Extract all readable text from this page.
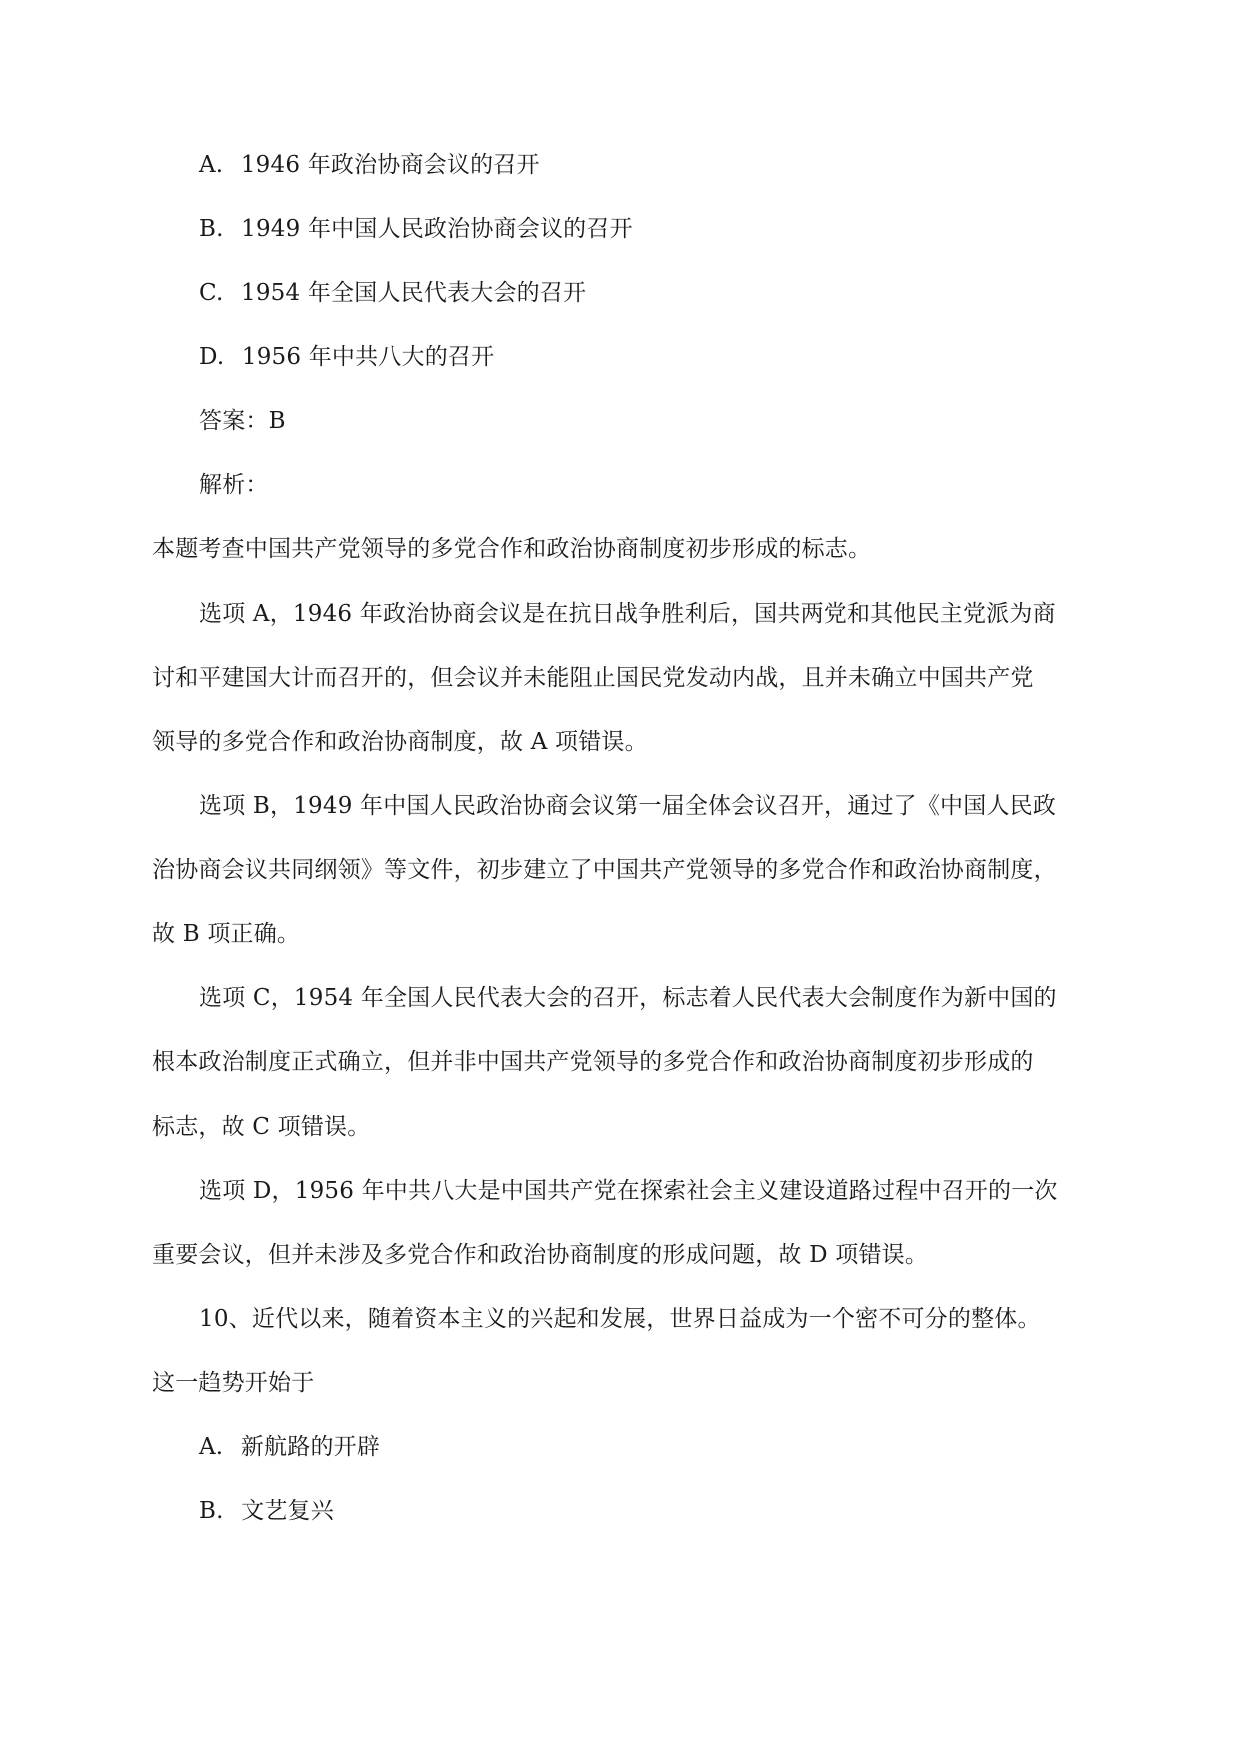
A. 1946 年政治协商会议的召开
B. 1949 年中国人民政治协商会议的召开
C. 1954 年全国人民代表大会的召开
D. 1956 年中共八大的召开
答案：B
解析：
本题考查中国共产党领导的多党合作和政治协商制度初步形成的标志。
选项 A，1946 年政治协商会议是在抗日战争胜利后，国共两党和其他民主党派为商
讨和平建国大计而召开的，但会议并未能阻止国民党发动内战，且并未确立中国共产党
领导的多党合作和政治协商制度，故 A 项错误。
选项 B，1949 年中国人民政治协商会议第一届全体会议召开，通过了《中国人民政
治协商会议共同纲领》等文件，初步建立了中国共产党领导的多党合作和政治协商制度，
故 B 项正确。
选项 C，1954 年全国人民代表大会的召开，标志着人民代表大会制度作为新中国的
根本政治制度正式确立，但并非中国共产党领导的多党合作和政治协商制度初步形成的
标志，故 C 项错误。
选项 D，1956 年中共八大是中国共产党在探索社会主义建设道路过程中召开的一次
重要会议，但并未涉及多党合作和政治协商制度的形成问题，故 D 项错误。
10、近代以来，随着资本主义的兴起和发展，世界日益成为一个密不可分的整体。
这一趋势开始于
A. 新航路的开辟
B. 文艺复兴
